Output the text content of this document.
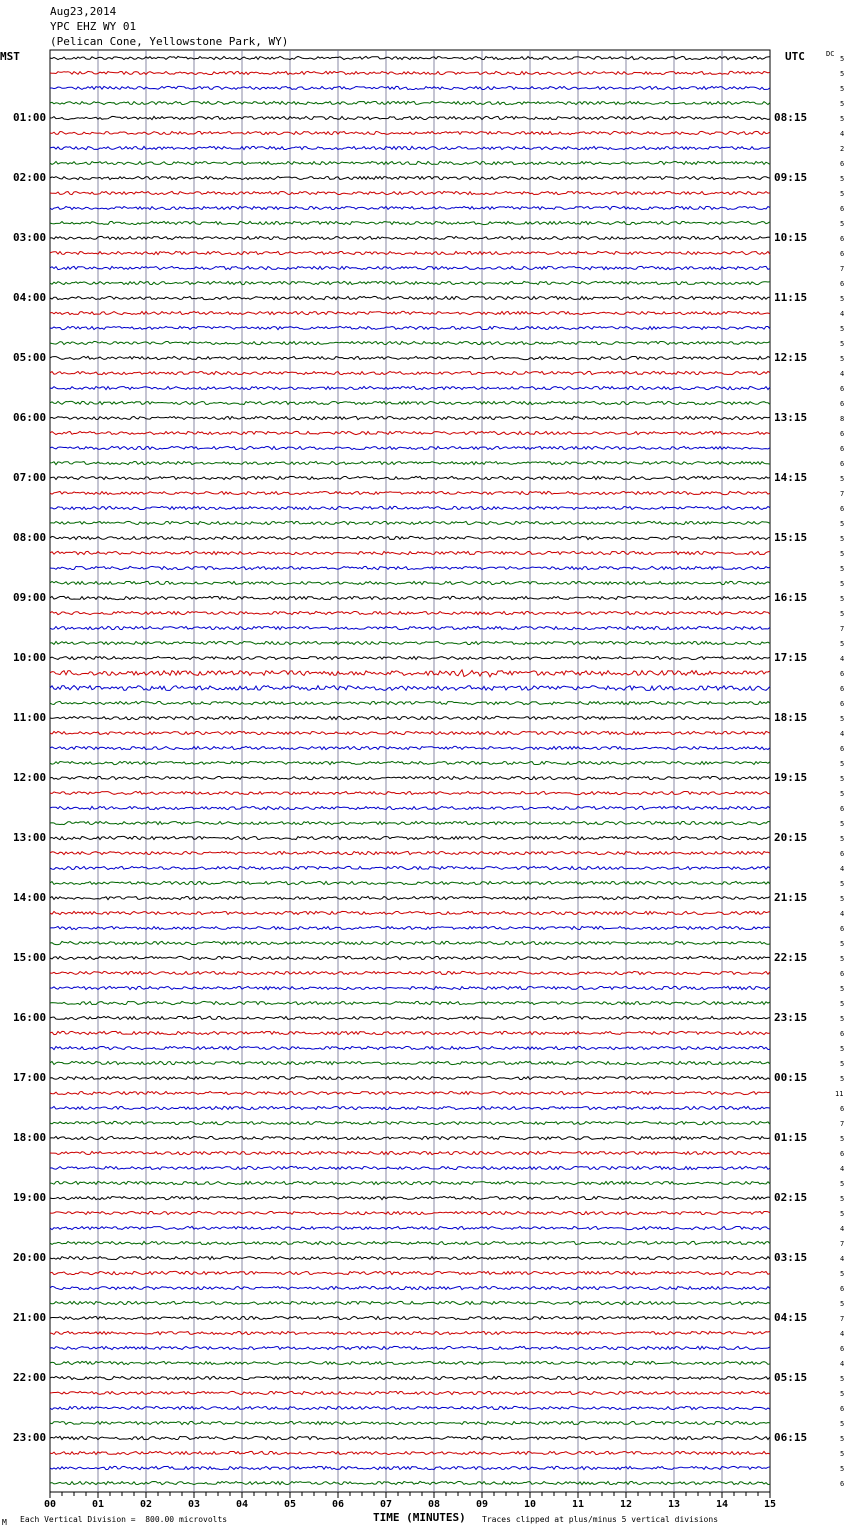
Aug23,2014
YPC EHZ WY 01
(Pelican Cone, Yellowstone Park, WY)
MST	UTC	DC
00	01	02	03	04	05	06	07	08	09	10	11	12	13	14	15
01:00	08:15
02:00	09:15
03:00	10:15
04:00	11:15
05:00	12:15
06:00	13:15
07:00	14:15
08:00	15:15
09:00	16:15
10:00	17:15
11:00	18:15
12:00	19:15
13:00	20:15
14:00	21:15
15:00	22:15
16:00	23:15
17:00	00:15
18:00	01:15
19:00	02:15
20:00	03:15
21:00	04:15
22:00	05:15
23:00	06:15
5
5
5
5
5
4
2
6
5
5
6
5
6
6
7
6
5
4
5
5
5
4
6
6
8
6
6
6
5
7
6
5
5
5
5
5
5
5
7
5
4
6
6
6
5
4
6
5
5
5
6
5
5
6
4
5
5
4
6
5
5
6
5
5
5
6
5
5
5
11
6
7
5
6
4
5
5
5
4
7
4
5
6
5
7
4
6
4
5
5
6
5
5
5
5
6
TIME (MINUTES)
M Each Vertical Division =  800.00 microvolts	Traces clipped at plus/minus 5 vertical divisions
